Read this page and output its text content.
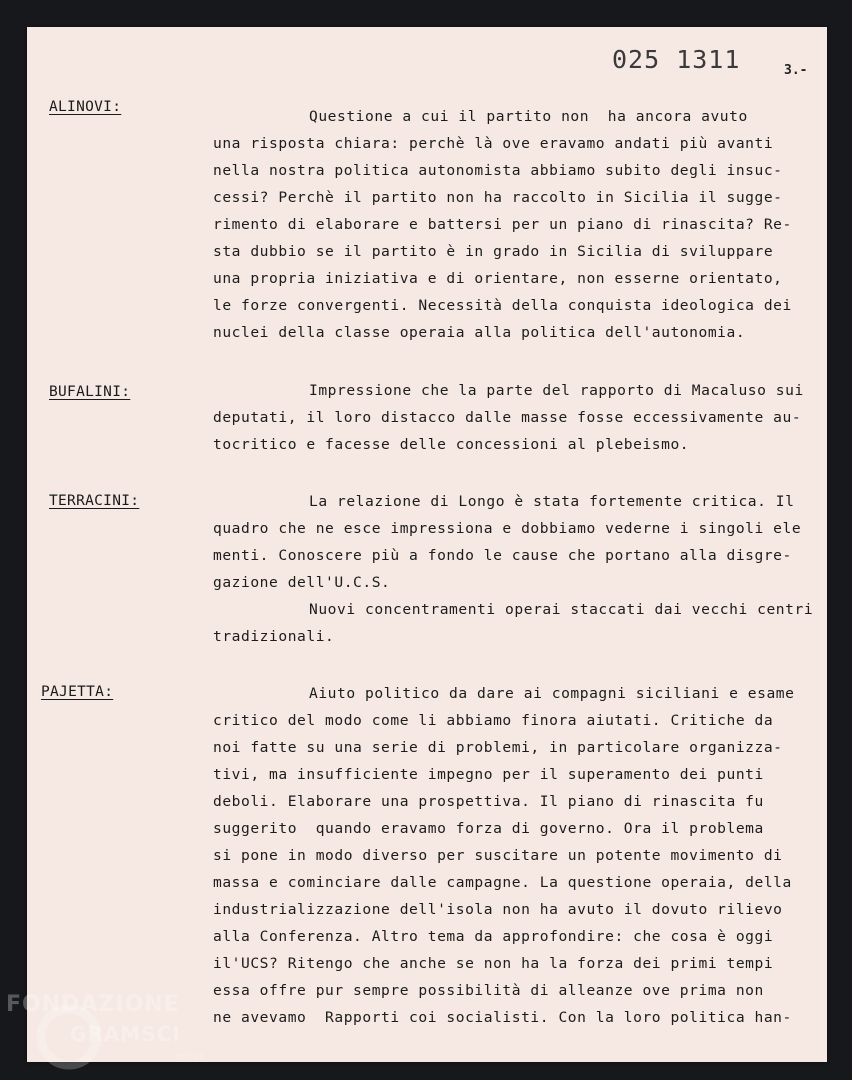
025 1311	3.-
ALINOVI:
Questione a cui il partito non  ha ancora avuto
una risposta chiara: perchè là ove eravamo andati più avanti
nella nostra politica autonomista abbiamo subito degli insuc-
cessi? Perchè il partito non ha raccolto in Sicilia il sugge-
rimento di elaborare e battersi per un piano di rinascita? Re-
sta dubbio se il partito è in grado in Sicilia di sviluppare
una propria iniziativa e di orientare, non esserne orientato,
le forze convergenti. Necessità della conquista ideologica dei
nuclei della classe operaia alla politica dell'autonomia.
BUFALINI:	Impressione che la parte del rapporto di Macaluso sui
deputati, il loro distacco dalle masse fosse eccessivamente au-
tocritico e facesse delle concessioni al plebeismo.
TERRACINI:	La relazione di Longo è stata fortemente critica. Il
quadro che ne esce impressiona e dobbiamo vederne i singoli ele
menti. Conoscere più a fondo le cause che portano alla disgre-
gazione dell'U.C.S.
Nuovi concentramenti operai staccati dai vecchi centri
tradizionali.
PAJETTA:	Aiuto politico da dare ai compagni siciliani e esame
critico del modo come li abbiamo finora aiutati. Critiche da
noi fatte su una serie di problemi, in particolare organizza-
tivi, ma insufficiente impegno per il superamento dei punti
deboli. Elaborare una prospettiva. Il piano di rinascita fu
suggerito  quando eravamo forza di governo. Ora il problema
si pone in modo diverso per suscitare un potente movimento di
massa e cominciare dalle campagne. La questione operaia, della
industrializzazione dell'isola non ha avuto il dovuto rilievo
alla Conferenza. Altro tema da approfondire: che cosa è oggi
il'UCS? Ritengo che anche se non ha la forza dei primi tempi
essa offre pur sempre possibilità di alleanze ove prima non
ne avevamo  Rapporti coi socialisti. Con la loro politica han-
FONDAZIONE
GRAMSCI
onlus
